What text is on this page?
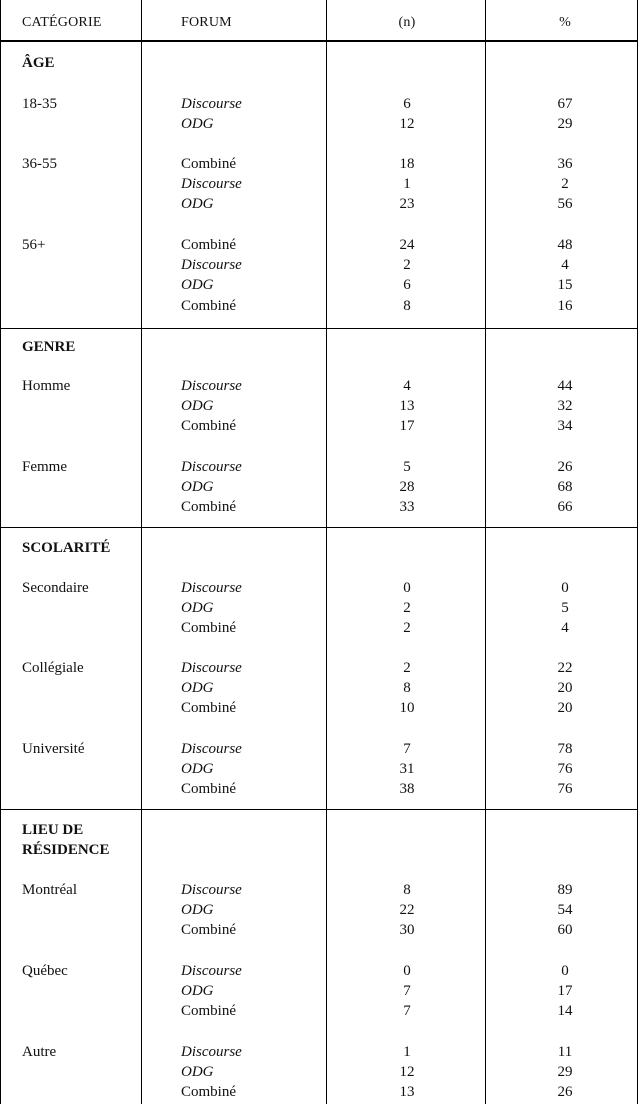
CATÉGORIE	FORUM	(n)	%
ÂGE
18-35	Discourse	6	67
ODG	12	29
36-55	Combiné	18	36
Discourse	1	2
ODG	23	56
56+	Combiné	24	48
Discourse	2	4
ODG	6	15
Combiné	8	16
GENRE
Homme	Discourse	4	44
ODG	13	32
Combiné	17	34
Femme	Discourse	5	26
ODG	28	68
Combiné	33	66
SCOLARITÉ
Secondaire	Discourse	0	0
ODG	2	5
Combiné	2	4
Collégiale	Discourse	2	22
ODG	8	20
Combiné	10	20
Université	Discourse	7	78
ODG	31	76
Combiné	38	76
LIEU DE
RÉSIDENCE
Montréal	Discourse	8	89
ODG	22	54
Combiné	30	60
Québec	Discourse	0	0
ODG	7	17
Combiné	7	14
Autre	Discourse	1	11
ODG	12	29
Combiné	13	26
